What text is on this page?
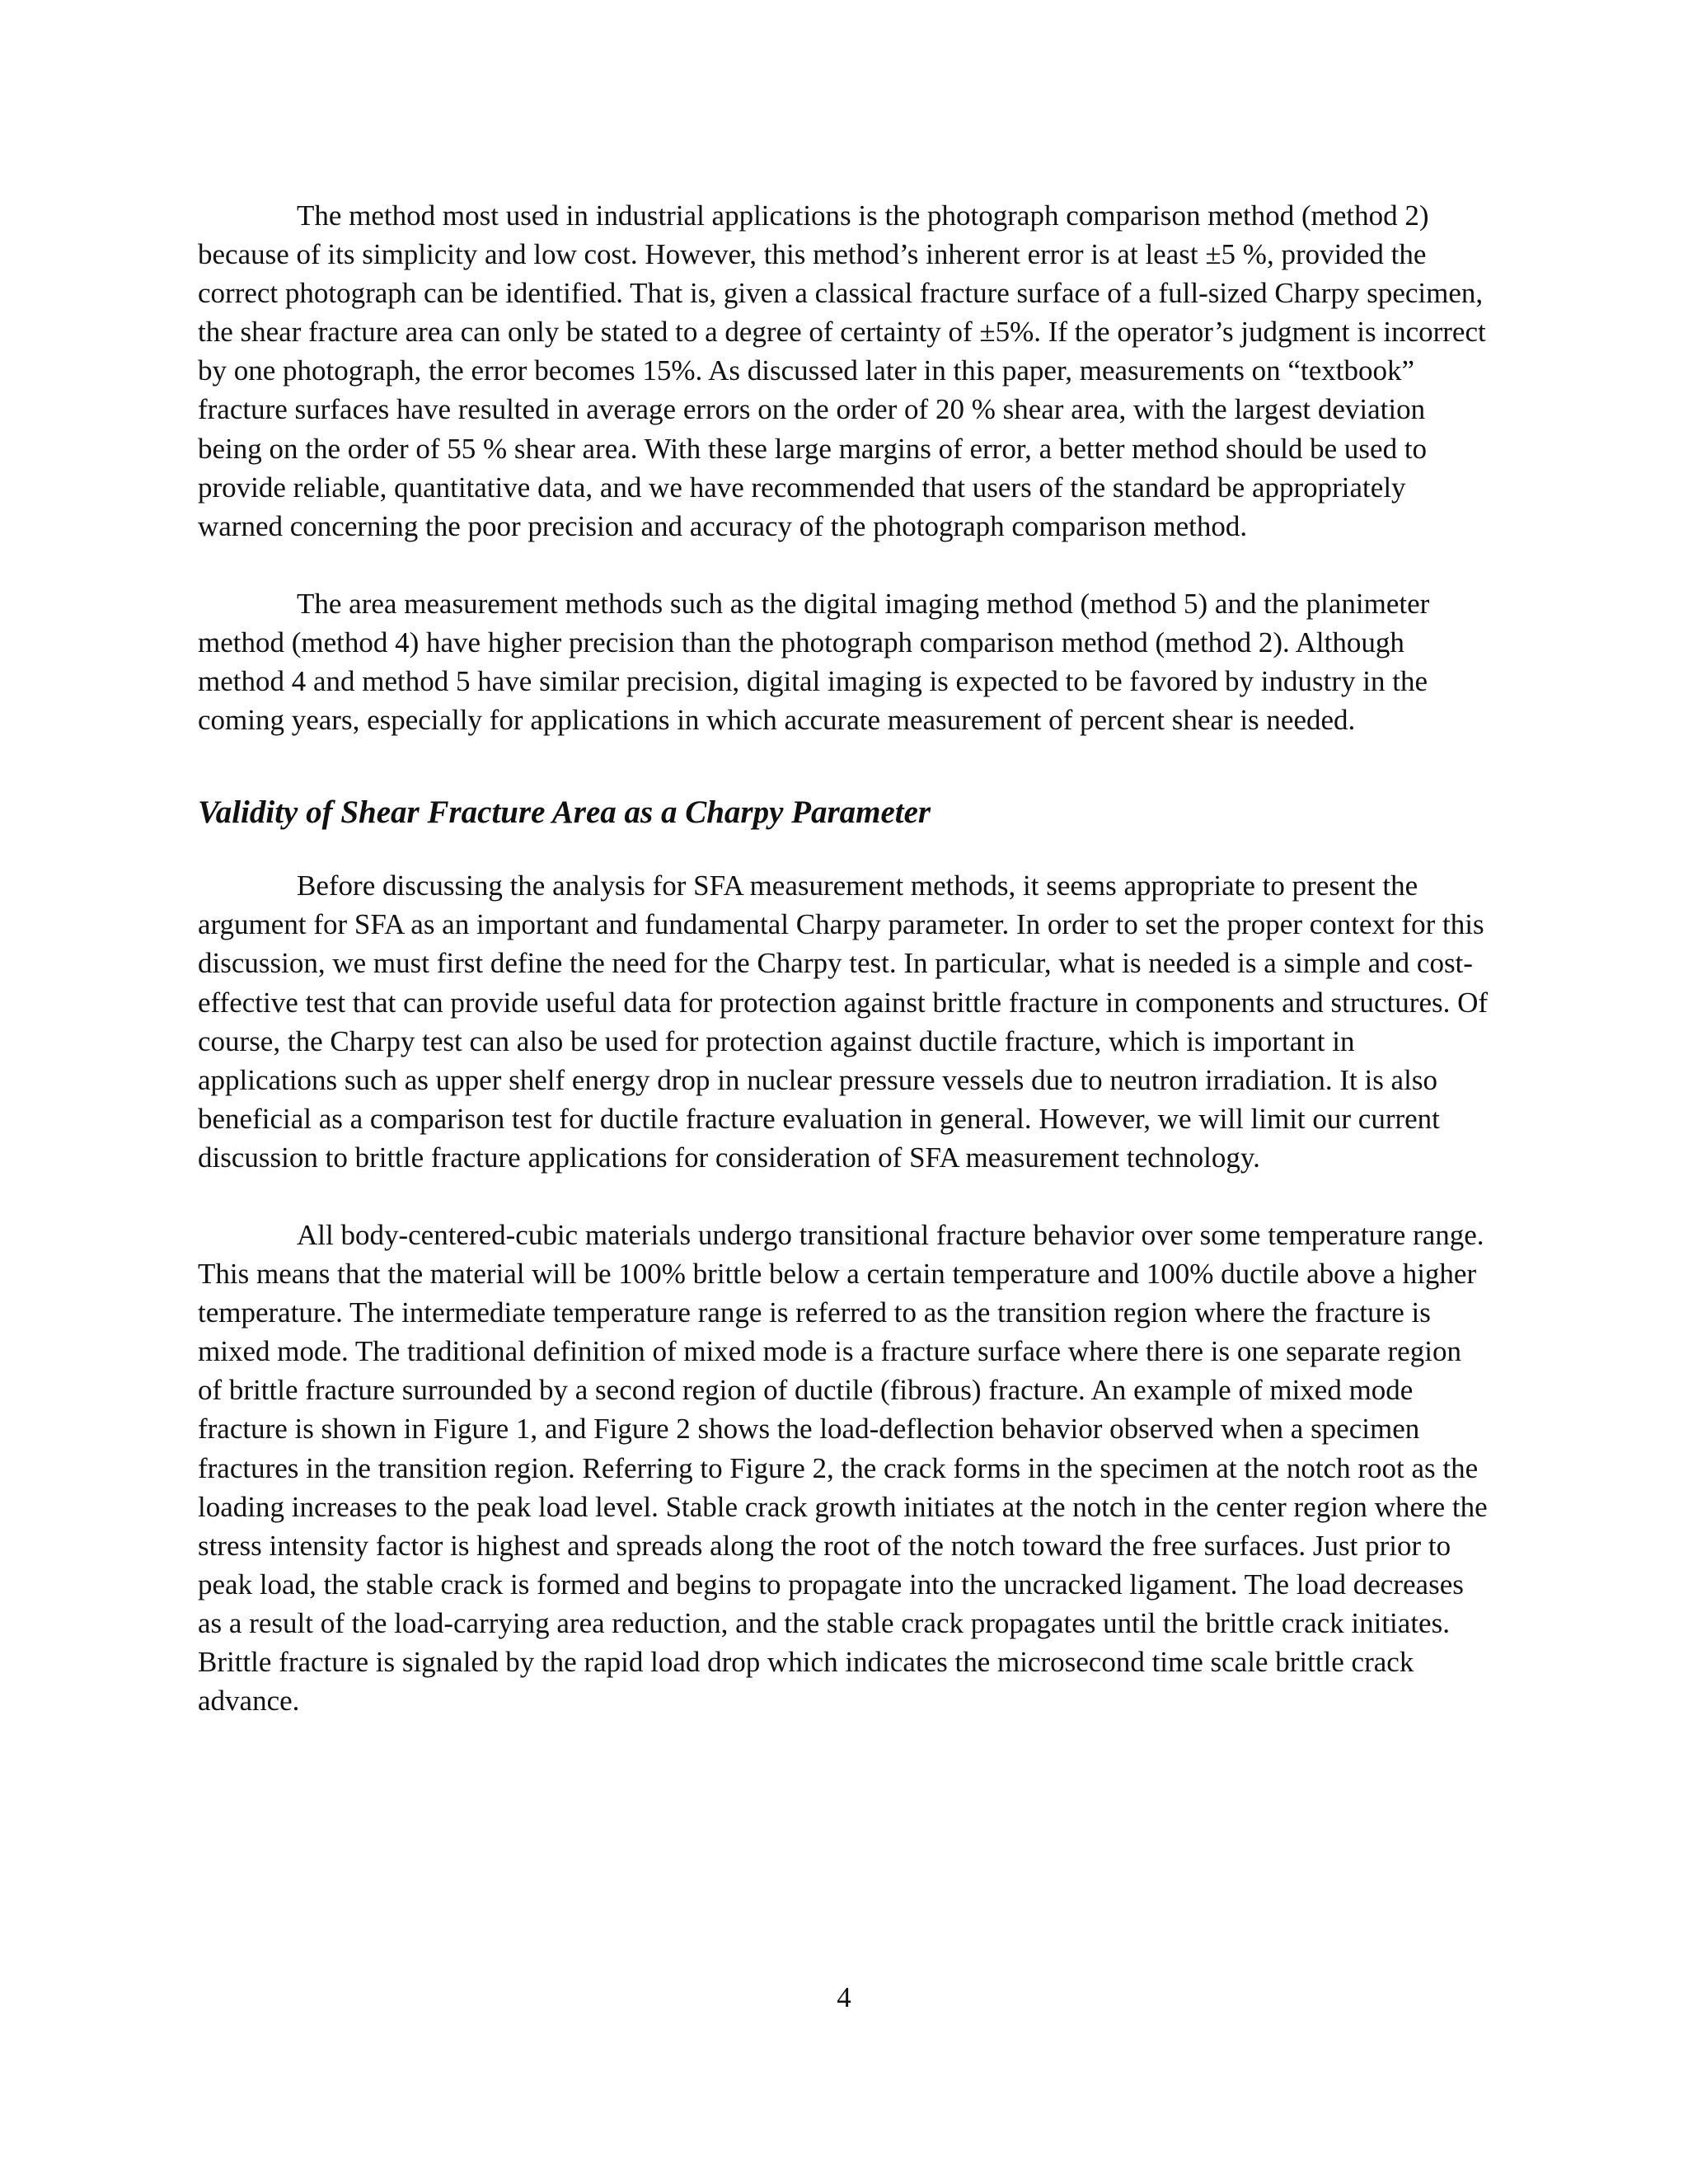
The method most used in industrial applications is the photograph comparison method (method 2) because of its simplicity and low cost. However, this method’s inherent error is at least ±5 %, provided the correct photograph can be identified. That is, given a classical fracture surface of a full-sized Charpy specimen, the shear fracture area can only be stated to a degree of certainty of ±5%. If the operator’s judgment is incorrect by one photograph, the error becomes 15%. As discussed later in this paper, measurements on “textbook” fracture surfaces have resulted in average errors on the order of 20 % shear area, with the largest deviation being on the order of 55 % shear area. With these large margins of error, a better method should be used to provide reliable, quantitative data, and we have recommended that users of the standard be appropriately warned concerning the poor precision and accuracy of the photograph comparison method.

The area measurement methods such as the digital imaging method (method 5) and the planimeter method (method 4) have higher precision than the photograph comparison method (method 2). Although method 4 and method 5 have similar precision, digital imaging is expected to be favored by industry in the coming years, especially for applications in which accurate measurement of percent shear is needed.

Validity of Shear Fracture Area as a Charpy Parameter

Before discussing the analysis for SFA measurement methods, it seems appropriate to present the argument for SFA as an important and fundamental Charpy parameter. In order to set the proper context for this discussion, we must first define the need for the Charpy test. In particular, what is needed is a simple and cost-effective test that can provide useful data for protection against brittle fracture in components and structures. Of course, the Charpy test can also be used for protection against ductile fracture, which is important in applications such as upper shelf energy drop in nuclear pressure vessels due to neutron irradiation. It is also beneficial as a comparison test for ductile fracture evaluation in general. However, we will limit our current discussion to brittle fracture applications for consideration of SFA measurement technology.

All body-centered-cubic materials undergo transitional fracture behavior over some temperature range. This means that the material will be 100% brittle below a certain temperature and 100% ductile above a higher temperature. The intermediate temperature range is referred to as the transition region where the fracture is mixed mode. The traditional definition of mixed mode is a fracture surface where there is one separate region of brittle fracture surrounded by a second region of ductile (fibrous) fracture. An example of mixed mode fracture is shown in Figure 1, and Figure 2 shows the load-deflection behavior observed when a specimen fractures in the transition region. Referring to Figure 2, the crack forms in the specimen at the notch root as the loading increases to the peak load level. Stable crack growth initiates at the notch in the center region where the stress intensity factor is highest and spreads along the root of the notch toward the free surfaces. Just prior to peak load, the stable crack is formed and begins to propagate into the uncracked ligament. The load decreases as a result of the load-carrying area reduction, and the stable crack propagates until the brittle crack initiates. Brittle fracture is signaled by the rapid load drop which indicates the microsecond time scale brittle crack advance.

4
